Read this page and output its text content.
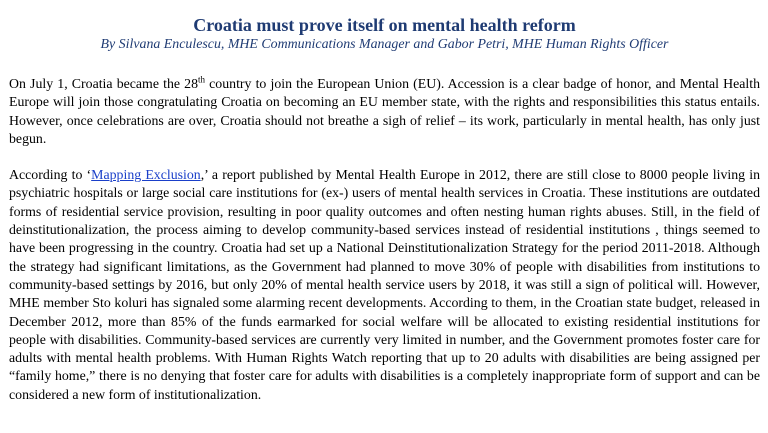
Croatia must prove itself on mental health reform

By Silvana Enculescu, MHE Communications Manager and Gabor Petri, MHE Human Rights Officer

On July 1, Croatia became the 28th country to join the European Union (EU). Accession is a clear badge of honor, and Mental Health Europe will join those congratulating Croatia on becoming an EU member state, with the rights and responsibilities this status entails. However, once celebrations are over, Croatia should not breathe a sigh of relief – its work, particularly in mental health, has only just begun.

According to ‘Mapping Exclusion,’ a report published by Mental Health Europe in 2012, there are still close to 8000 people living in psychiatric hospitals or large social care institutions for (ex-) users of mental health services in Croatia. These institutions are outdated forms of residential service provision, resulting in poor quality outcomes and often nesting human rights abuses. Still, in the field of deinstitutionalization, the process aiming to develop community-based services instead of residential institutions , things seemed to have been progressing in the country. Croatia had set up a National Deinstitutionalization Strategy for the period 2011-2018. Although the strategy had significant limitations, as the Government had planned to move 30% of people with disabilities from institutions to community-based settings by 2016, but only 20% of mental health service users by 2018, it was still a sign of political will. However, MHE member Sto koluri has signaled some alarming recent developments. According to them, in the Croatian state budget, released in December 2012, more than 85% of the funds earmarked for social welfare will be allocated to existing residential institutions for people with disabilities. Community-based services are currently very limited in number, and the Government promotes foster care for adults with mental health problems. With Human Rights Watch reporting that up to 20 adults with disabilities are being assigned per “family home,” there is no denying that foster care for adults with disabilities is a completely inappropriate form of support and can be considered a new form of institutionalization.
